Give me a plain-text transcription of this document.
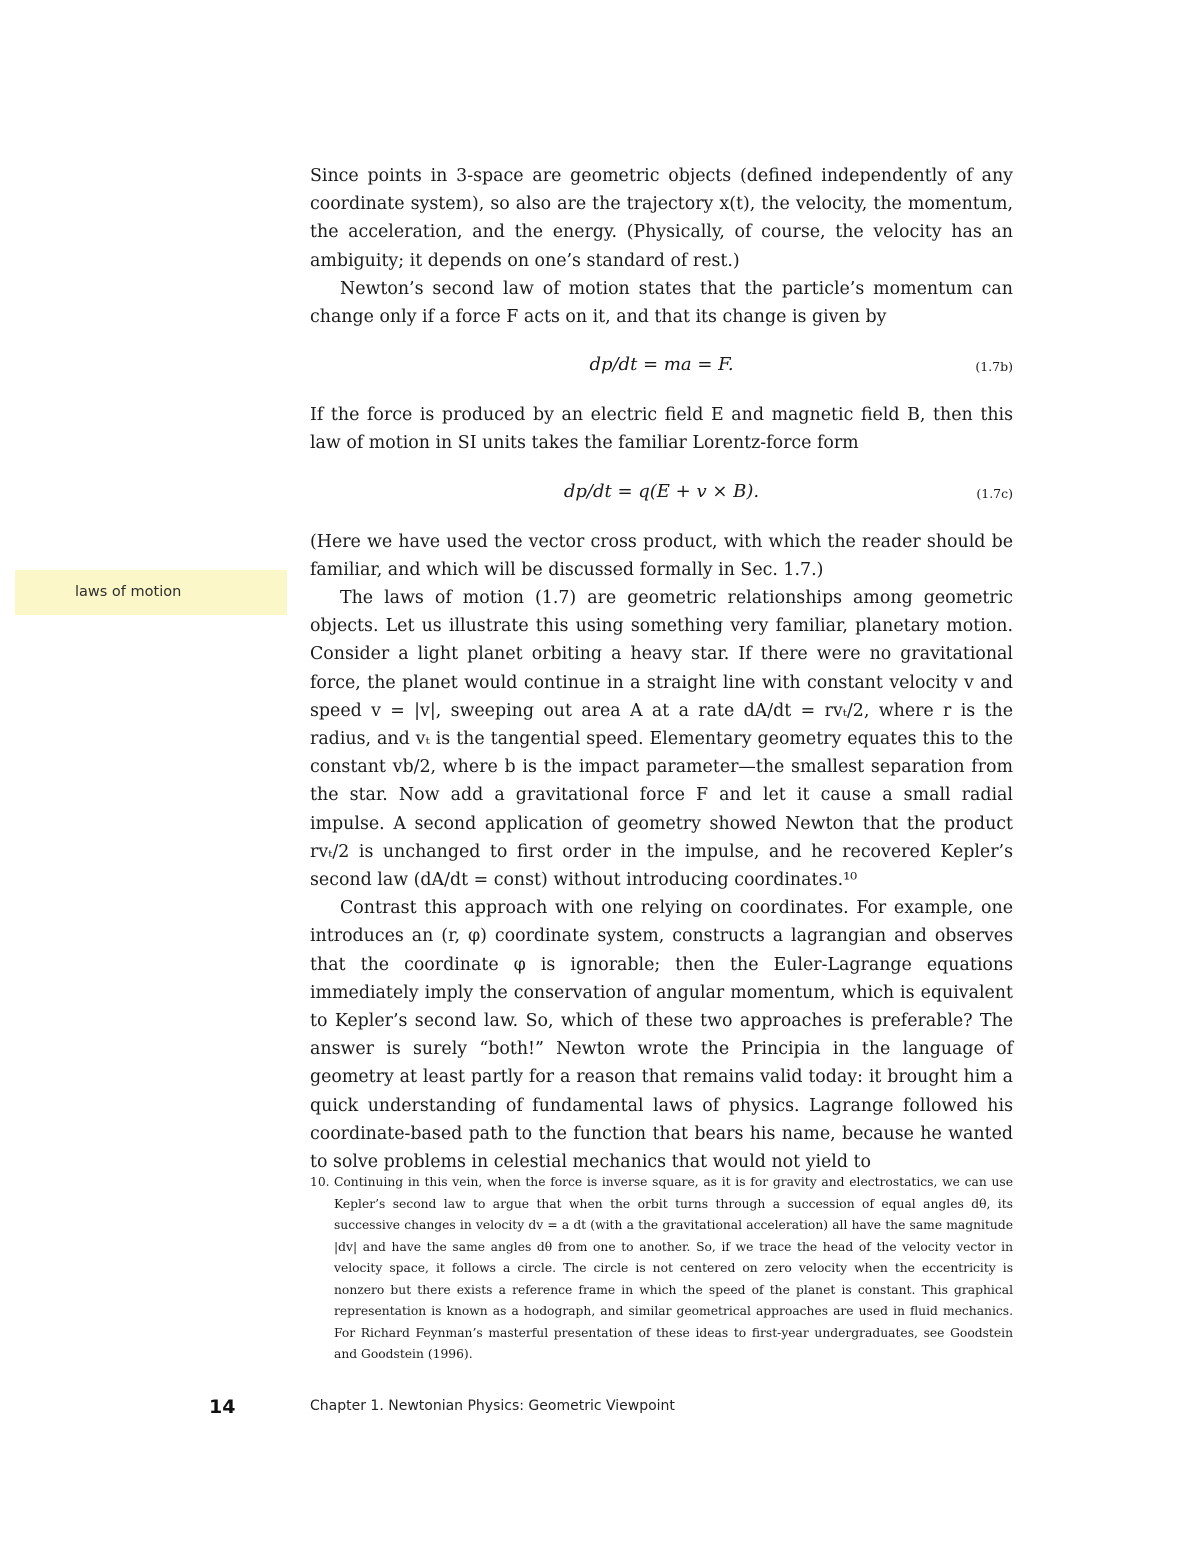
laws of motion

Since points in 3-space are geometric objects (defined independently of any coordinate system), so also are the trajectory x(t), the velocity, the momentum, the acceleration, and the energy. (Physically, of course, the velocity has an ambiguity; it depends on one’s standard of rest.)

Newton’s second law of motion states that the particle’s momentum can change only if a force F acts on it, and that its change is given by

dp/dt = ma = F.	(1.7b)

If the force is produced by an electric field E and magnetic field B, then this law of motion in SI units takes the familiar Lorentz-force form

dp/dt = q(E + v × B).	(1.7c)

(Here we have used the vector cross product, with which the reader should be familiar, and which will be discussed formally in Sec. 1.7.)

The laws of motion (1.7) are geometric relationships among geometric objects. Let us illustrate this using something very familiar, planetary motion. Consider a light planet orbiting a heavy star. If there were no gravitational force, the planet would continue in a straight line with constant velocity v and speed v = |v|, sweeping out area A at a rate dA/dt = rvₜ/2, where r is the radius, and vₜ is the tangential speed. Elementary geometry equates this to the constant vb/2, where b is the impact parameter—the smallest separation from the star. Now add a gravitational force F and let it cause a small radial impulse. A second application of geometry showed Newton that the product rvₜ/2 is unchanged to first order in the impulse, and he recovered Kepler’s second law (dA/dt = const) without introducing coordinates.¹⁰

Contrast this approach with one relying on coordinates. For example, one introduces an (r, φ) coordinate system, constructs a lagrangian and observes that the coordinate φ is ignorable; then the Euler-Lagrange equations immediately imply the conservation of angular momentum, which is equivalent to Kepler’s second law. So, which of these two approaches is preferable? The answer is surely “both!” Newton wrote the Principia in the language of geometry at least partly for a reason that remains valid today: it brought him a quick understanding of fundamental laws of physics. Lagrange followed his coordinate-based path to the function that bears his name, because he wanted to solve problems in celestial mechanics that would not yield to

10. Continuing in this vein, when the force is inverse square, as it is for gravity and electrostatics, we can use Kepler’s second law to argue that when the orbit turns through a succession of equal angles dθ, its successive changes in velocity dv = a dt (with a the gravitational acceleration) all have the same magnitude |dv| and have the same angles dθ from one to another. So, if we trace the head of the velocity vector in velocity space, it follows a circle. The circle is not centered on zero velocity when the eccentricity is nonzero but there exists a reference frame in which the speed of the planet is constant. This graphical representation is known as a hodograph, and similar geometrical approaches are used in fluid mechanics. For Richard Feynman’s masterful presentation of these ideas to first-year undergraduates, see Goodstein and Goodstein (1996).
14	Chapter 1. Newtonian Physics: Geometric Viewpoint
